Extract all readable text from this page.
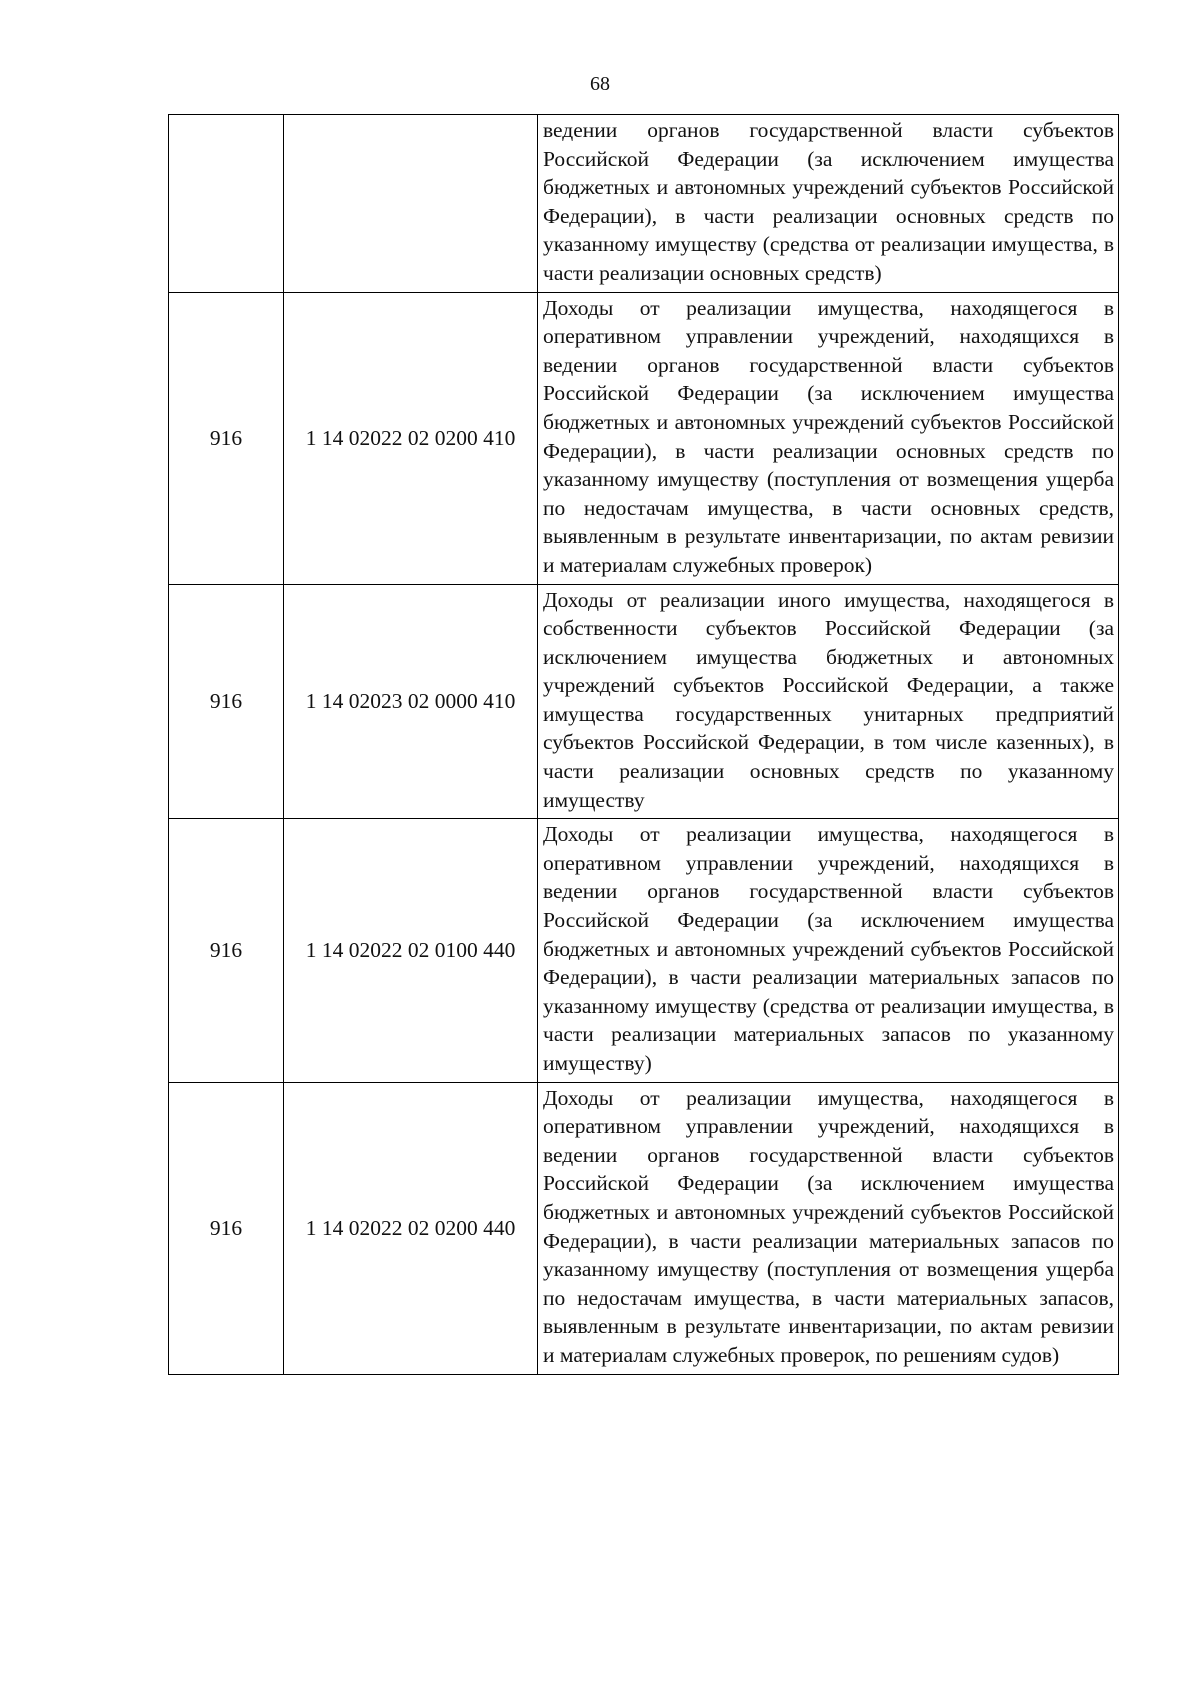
68
		ведении органов государственной власти субъектов Российской Федерации (за исключением имущества бюджетных и автономных учреждений субъектов Российской Федерации), в части реализации основных средств по указанному имуществу (средства от реализации имущества, в части реализации основных средств)
916	1 14 02022 02 0200 410	Доходы от реализации имущества, находящегося в оперативном управлении учреждений, находящихся в ведении органов государственной власти субъектов Российской Федерации (за исключением имущества бюджетных и автономных учреждений субъектов Российской Федерации), в части реализации основных средств по указанному имуществу (поступления от возмещения ущерба по недостачам имущества, в части основных средств, выявленным в результате инвентаризации, по актам ревизии и материалам служебных проверок)
916	1 14 02023 02 0000 410	Доходы от реализации иного имущества, находящегося в собственности субъектов Российской Федерации (за исключением имущества бюджетных и автономных учреждений субъектов Российской Федерации, а также имущества государственных унитарных предприятий субъектов Российской Федерации, в том числе казенных), в части реализации основных средств по указанному имуществу
916	1 14 02022 02 0100 440	Доходы от реализации имущества, находящегося в оперативном управлении учреждений, находящихся в ведении органов государственной власти субъектов Российской Федерации (за исключением имущества бюджетных и автономных учреждений субъектов Российской Федерации), в части реализации материальных запасов по указанному имуществу (средства от реализации имущества, в части реализации материальных запасов по указанному имуществу)
916	1 14 02022 02 0200 440	Доходы от реализации имущества, находящегося в оперативном управлении учреждений, находящихся в ведении органов государственной власти субъектов Российской Федерации (за исключением имущества бюджетных и автономных учреждений субъектов Российской Федерации), в части реализации материальных запасов по указанному имуществу (поступления от возмещения ущерба по недостачам имущества, в части материальных запасов, выявленным в результате инвентаризации, по актам ревизии и материалам служебных проверок, по решениям судов)
